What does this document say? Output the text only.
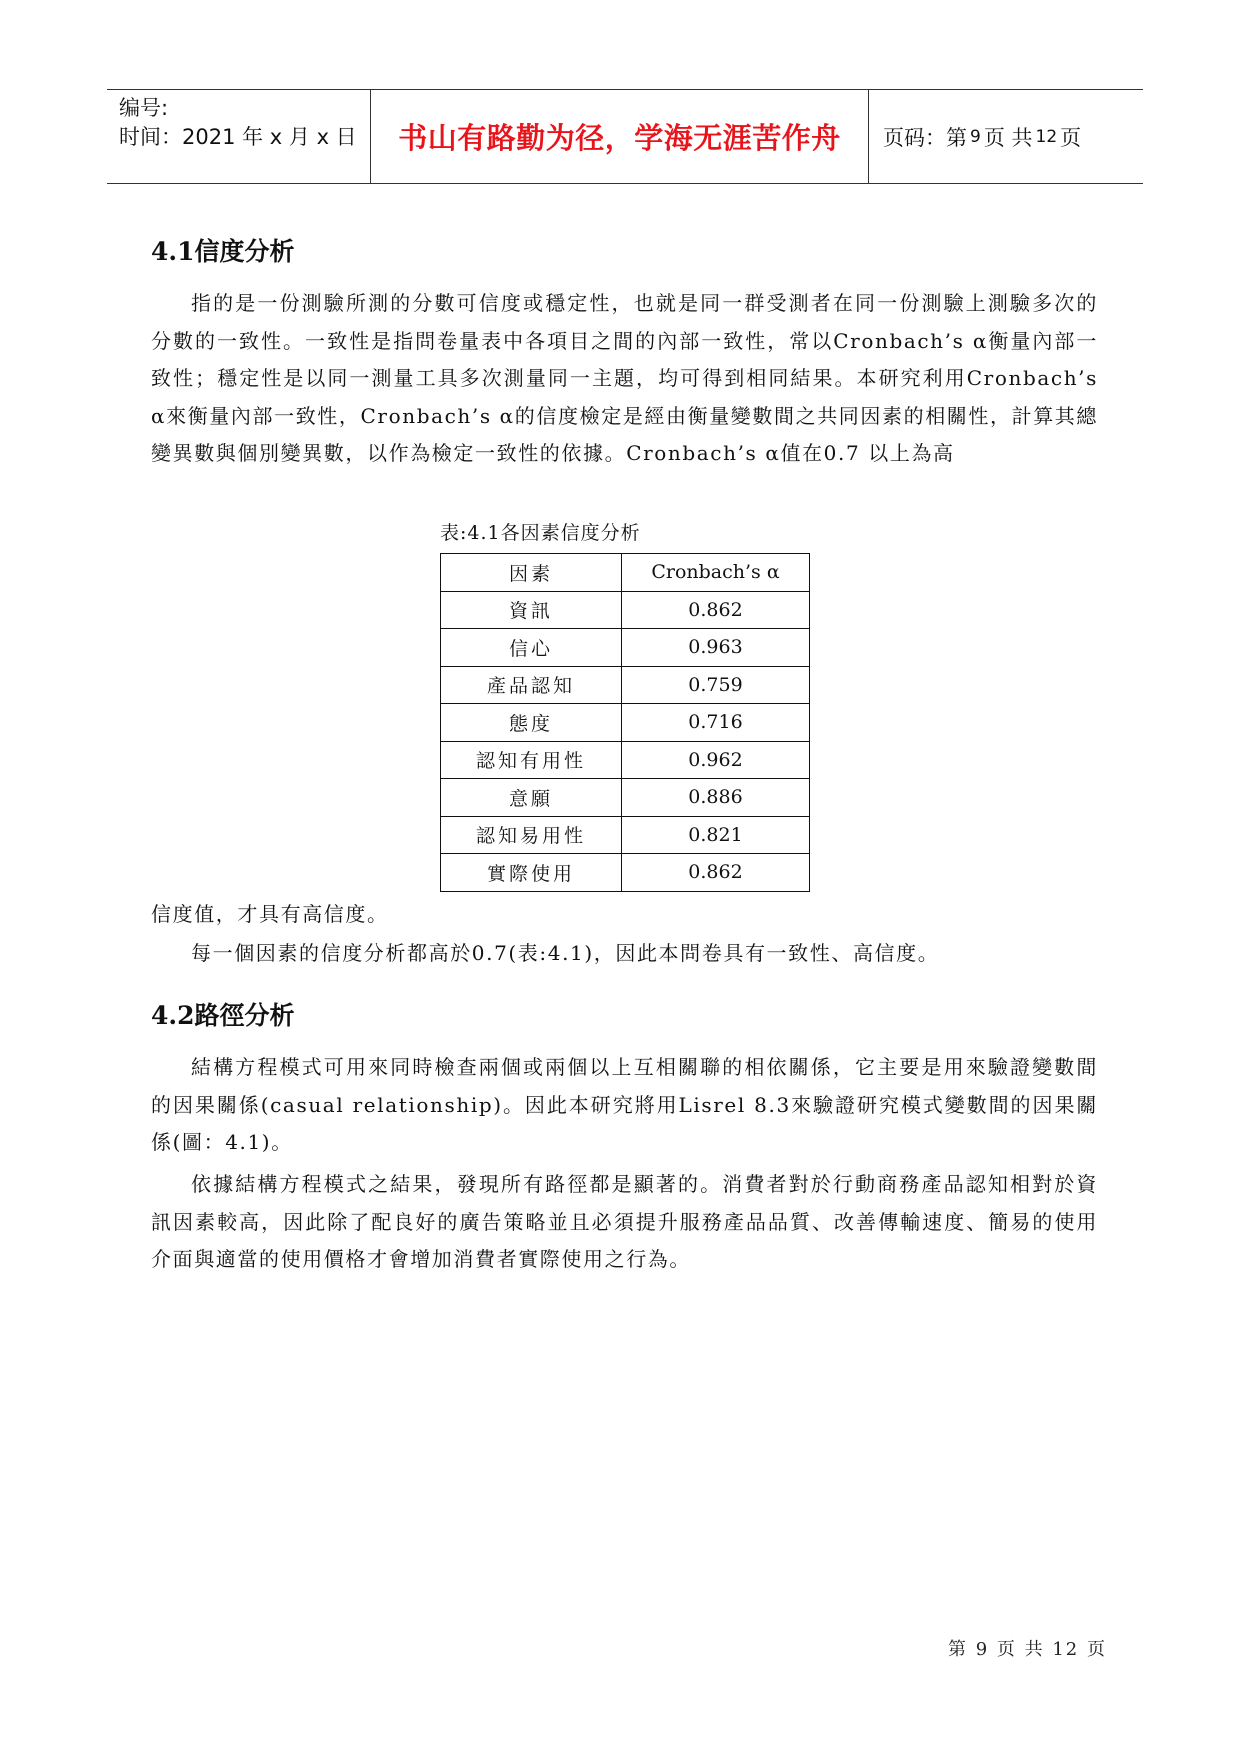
编号:
时间：2021 年 x 月 x 日	书山有路勤为径，学海无涯苦作舟	页码：第 9 页 共 12 页
4.1信度分析

指的是一份測驗所測的分數可信度或穩定性，也就是同一群受測者在同一份測驗上測驗多次的分數的一致性。一致性是指問卷量表中各項目之間的內部一致性，常以Cronbach’s α衡量內部一致性；穩定性是以同一測量工具多次測量同一主題，均可得到相同結果。本研究利用Cronbach’s α來衡量內部一致性，Cronbach’s α的信度檢定是經由衡量變數間之共同因素的相關性，計算其總變異數與個別變異數，以作為檢定一致性的依據。Cronbach’s α值在0.7 以上為高

表:4.1各因素信度分析
因素	Cronbach’s α
資訊	0.862
信心	0.963
產品認知	0.759
態度	0.716
認知有用性	0.962
意願	0.886
認知易用性	0.821
實際使用	0.862

信度值，才具有高信度。

每一個因素的信度分析都高於0.7(表:4.1)，因此本問卷具有一致性、高信度。

4.2路徑分析

結構方程模式可用來同時檢查兩個或兩個以上互相關聯的相依關係，它主要是用來驗證變數間的因果關係(casual relationship)。因此本研究將用Lisrel 8.3來驗證研究模式變數間的因果關係(圖：4.1)。

依據結構方程模式之結果，發現所有路徑都是顯著的。消費者對於行動商務產品認知相對於資訊因素較高，因此除了配良好的廣告策略並且必須提升服務產品品質、改善傳輸速度、簡易的使用介面與適當的使用價格才會增加消費者實際使用之行為。

第 9 页 共 12 页
